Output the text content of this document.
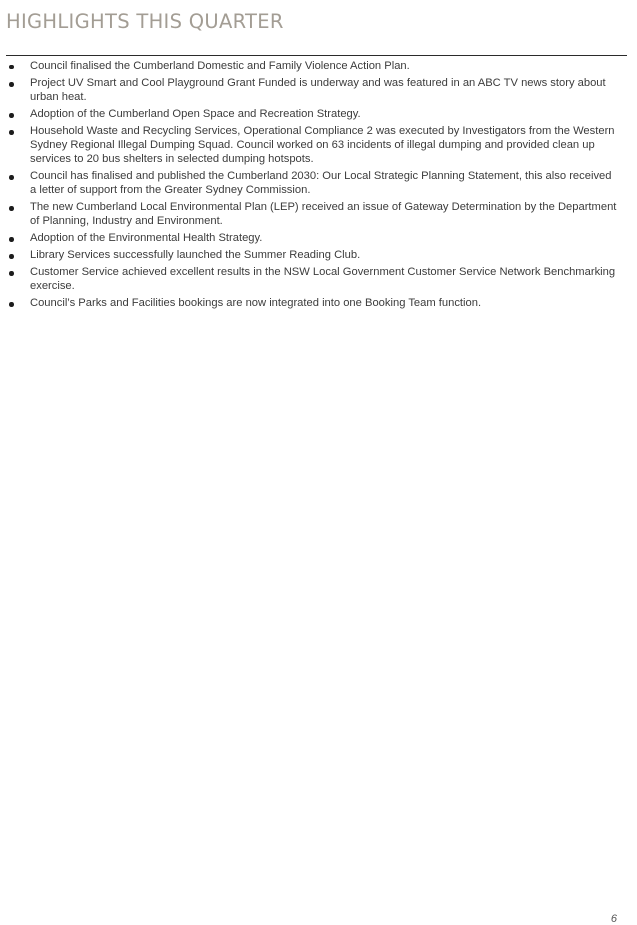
HIGHLIGHTS THIS QUARTER
Council finalised the Cumberland Domestic and Family Violence Action Plan.
Project UV Smart and Cool Playground Grant Funded is underway and was featured in an ABC TV news story about urban heat.
Adoption of the Cumberland Open Space and Recreation Strategy.
Household Waste and Recycling Services, Operational Compliance 2 was executed by Investigators from the Western Sydney Regional Illegal Dumping Squad. Council worked on 63 incidents of illegal dumping and provided clean up services to 20 bus shelters in selected dumping hotspots.
Council has finalised and published the Cumberland 2030: Our Local Strategic Planning Statement, this also received a letter of support from the Greater Sydney Commission.
The new Cumberland Local Environmental Plan (LEP) received an issue of Gateway Determination by the Department of Planning, Industry and Environment.
Adoption of the Environmental Health Strategy.
Library Services successfully launched the Summer Reading Club.
Customer Service achieved excellent results in the NSW Local Government Customer Service Network Benchmarking exercise.
Council’s Parks and Facilities bookings are now integrated into one Booking Team function.
6
